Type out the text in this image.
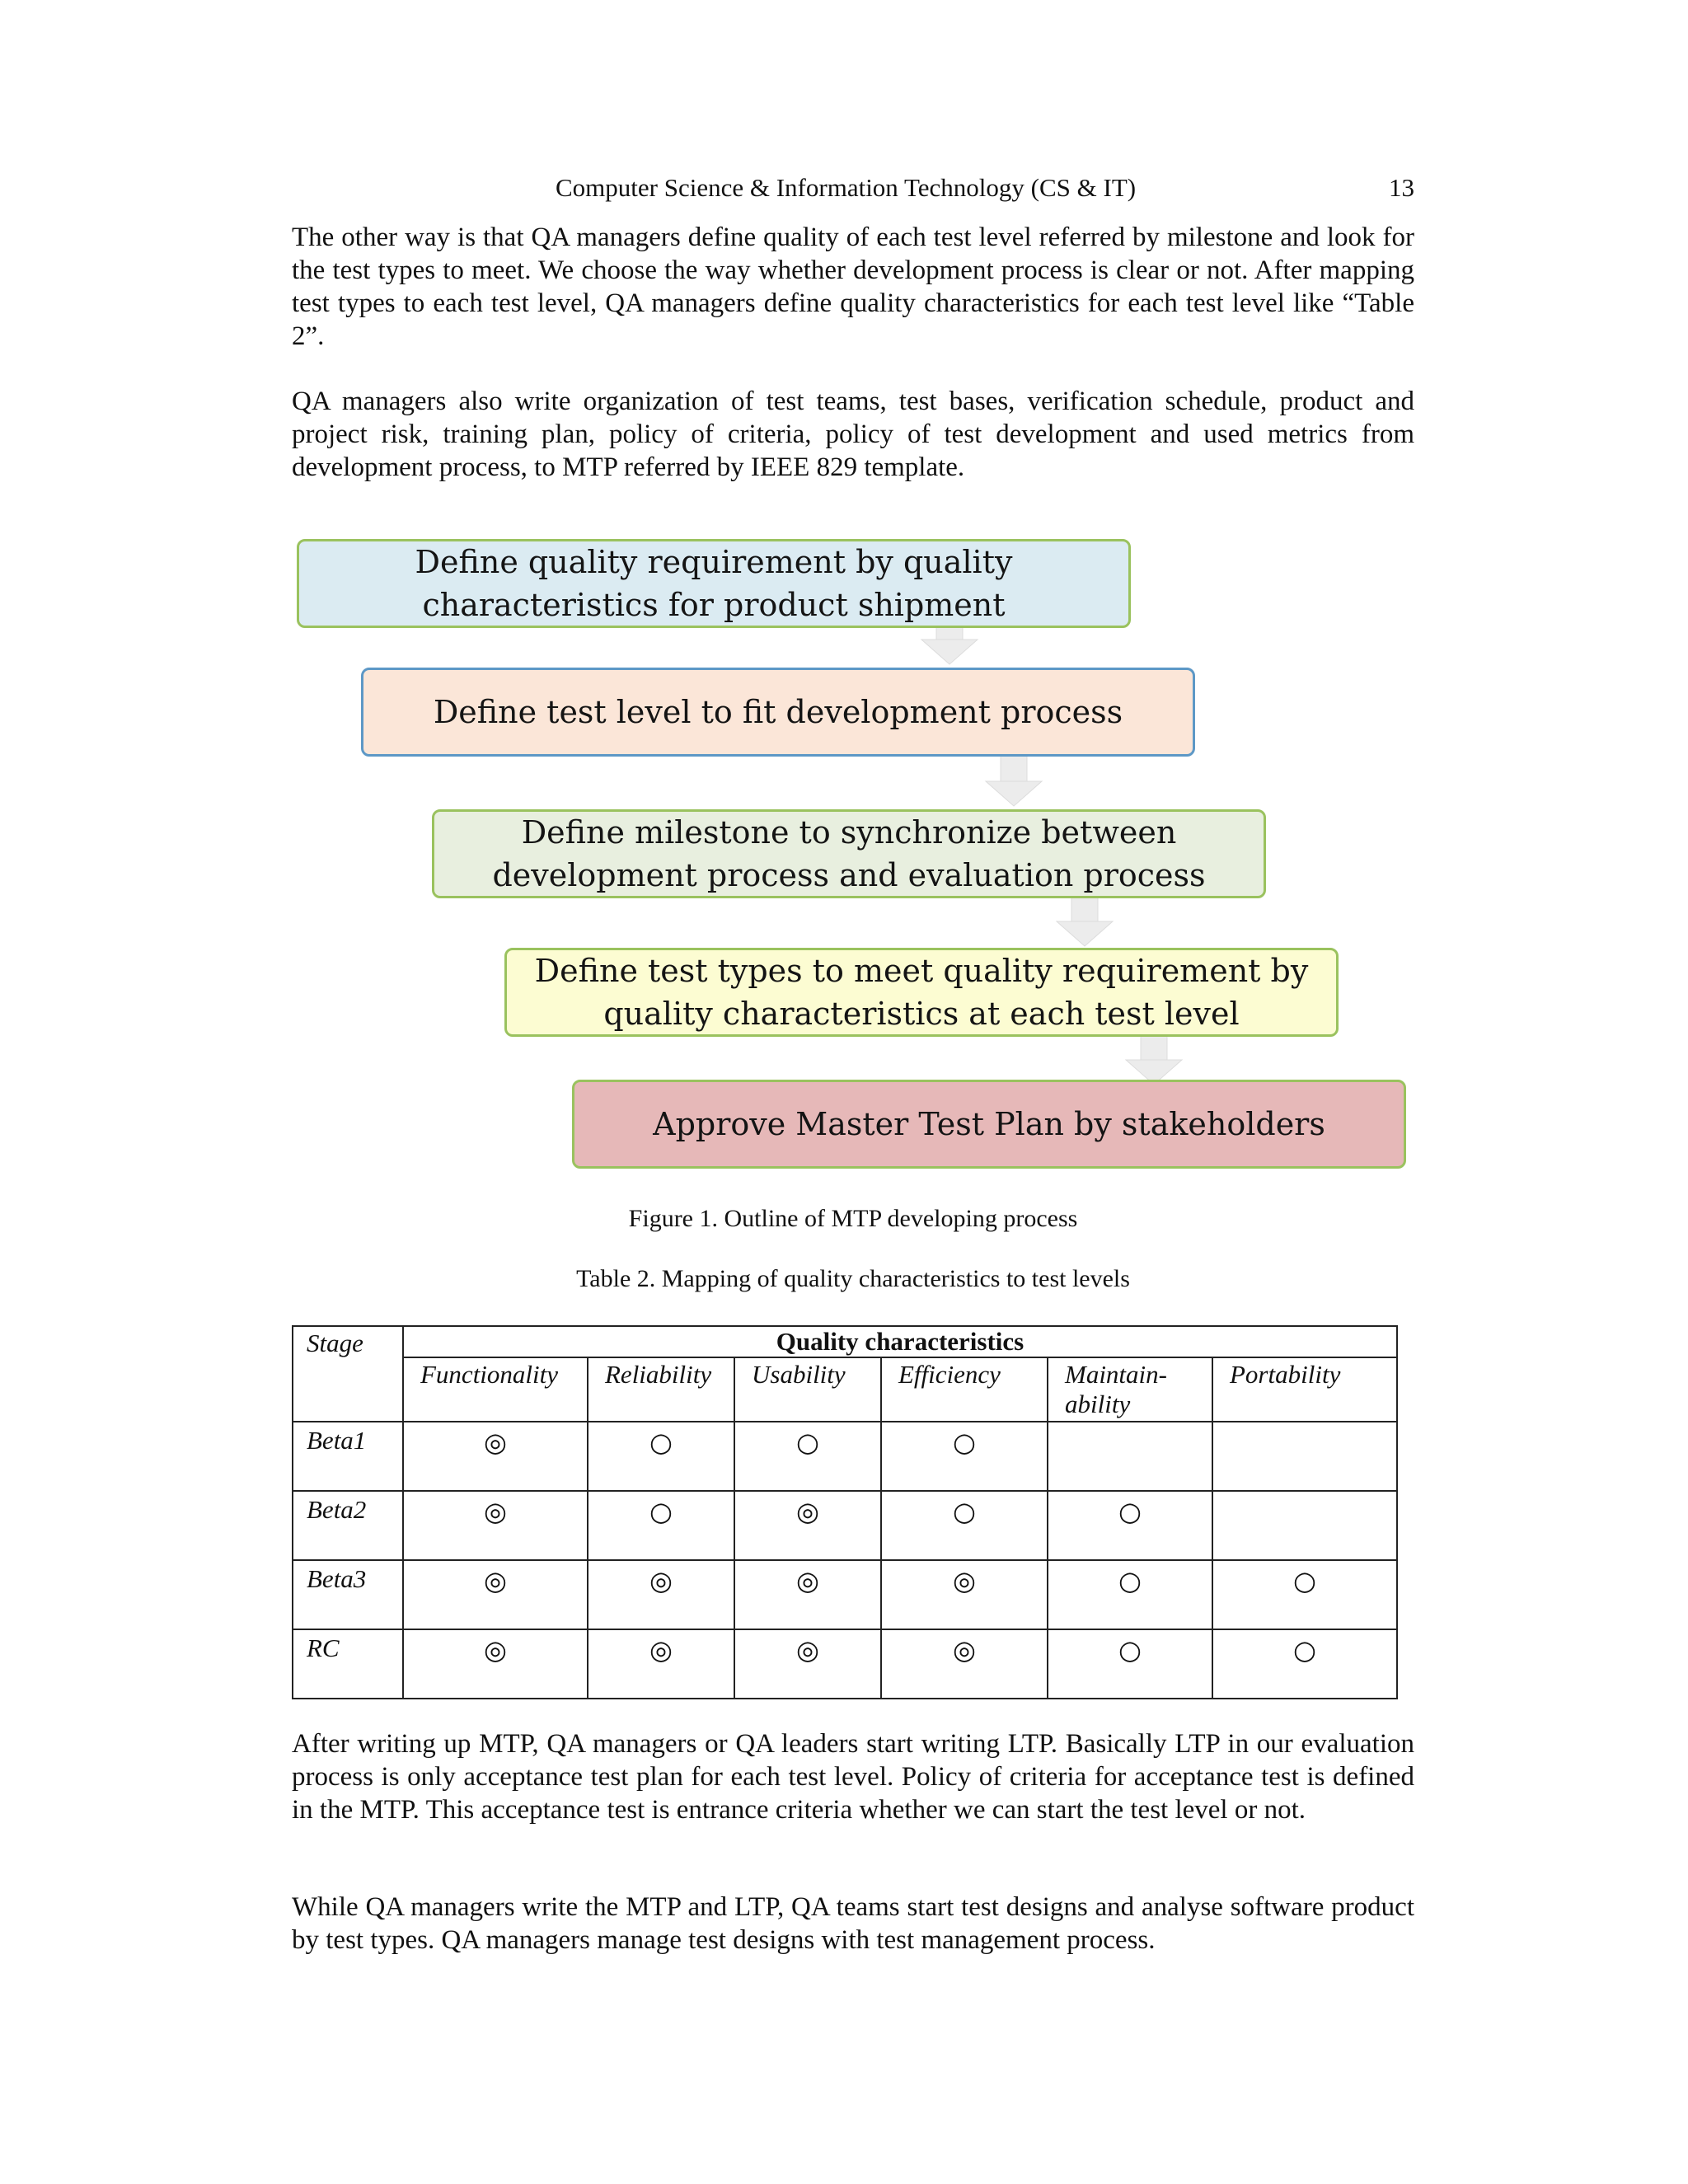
Computer Science & Information Technology (CS & IT)	13

The other way is that QA managers define quality of each test level referred by milestone and look for the test types to meet. We choose the way whether development process is clear or not. After mapping test types to each test level, QA managers define quality characteristics for each test level like “Table 2”.

QA managers also write organization of test teams, test bases, verification schedule, product and project risk, training plan, policy of criteria, policy of test development and used metrics from development process, to MTP referred by IEEE 829 template.

Define quality requirement by quality characteristics for product shipment
Define test level to fit development process
Define milestone to synchronize between development process and evaluation process
Define test types to meet quality requirement by quality characteristics at each test level
Approve Master Test Plan by stakeholders
Figure 1. Outline of MTP developing process
Table 2. Mapping of quality characteristics to test levels
Stage	Quality characteristics					
	Functionality	Reliability	Usability	Efficiency	Maintain-ability	Portability
Beta1	◎	○	○	○		
Beta2	◎	○	◎	○	○	
Beta3	◎	◎	◎	◎	○	○
RC	◎	◎	◎	◎	○	○

After writing up MTP, QA managers or QA leaders start writing LTP. Basically LTP in our evaluation process is only acceptance test plan for each test level. Policy of criteria for acceptance test is defined in the MTP. This acceptance test is entrance criteria whether we can start the test level or not.

While QA managers write the MTP and LTP, QA teams start test designs and analyse software product by test types. QA managers manage test designs with test management process.
